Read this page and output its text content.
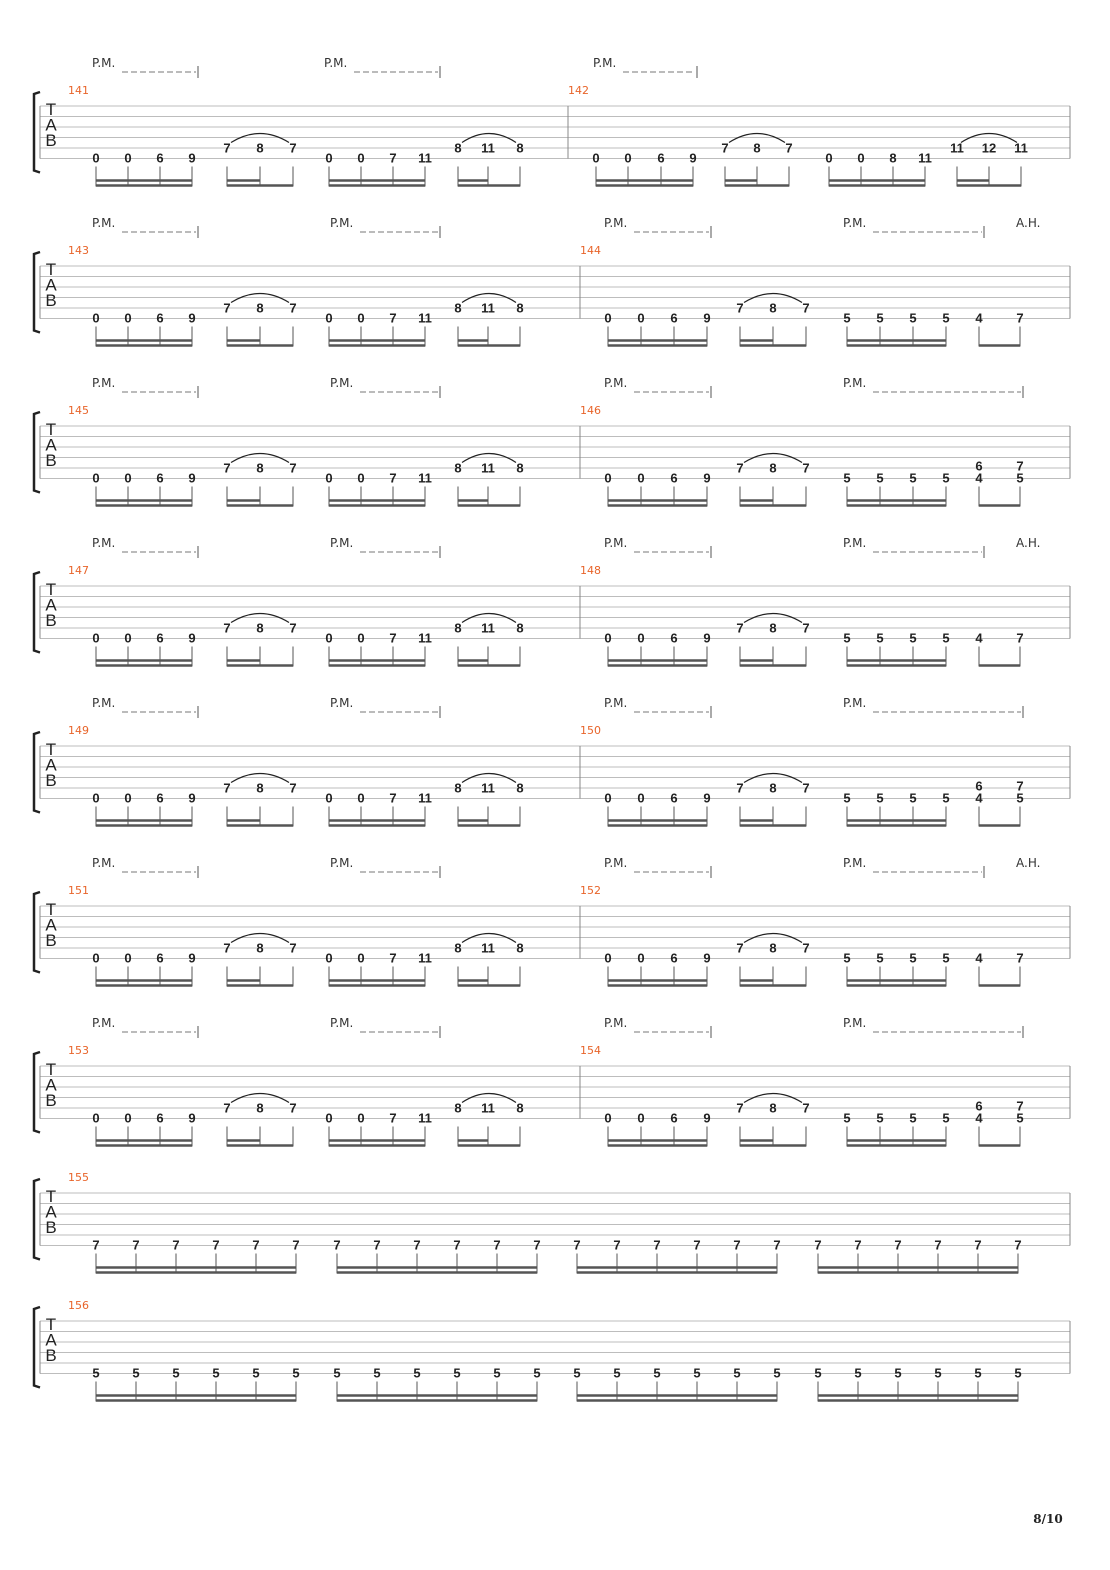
T
A
B
141	142
0 0 6 9
7 8 7
0 0 7 11
8 11 8
0 0 6 9
7 8 7
0 0 8 11
11 12 11
P.M.	P.M.	P.M.
T
A
B
143	144
0 0 6 9
7 8 7
0 0 7 11
8 11 8
0 0 6 9
7 8 7
5 5 5 5 4	7
A.H.
P.M.	P.M.	P.M.	P.M.
T
A
B
145	146
0 0 6 9
7 8 7
0 0 7 11
8 11 8
0 0 6 9
7 8 7
5 5 5 5
6
4
7
5
P.M.	P.M.	P.M.	P.M.
T
A
B
147	148
0 0 6 9
7 8 7
0 0 7 11
8 11 8
0 0 6 9
7 8 7
5 5 5 5 4	7
A.H.
P.M.	P.M.	P.M.	P.M.
T
A
B
149	150
0 0 6 9
7 8 7
0 0 7 11
8 11 8
0 0 6 9
7 8 7
5 5 5 5
6
4
7
5
P.M.	P.M.	P.M.	P.M.
T
A
B
151	152
0 0 6 9
7 8 7
0 0 7 11
8 11 8
0 0 6 9
7 8 7
5 5 5 5 4	7
A.H.
P.M.	P.M.	P.M.	P.M.
T
A
B
153	154
0 0 6 9
7 8 7
0 0 7 11
8 11 8
0 0 6 9
7 8 7
5 5 5 5
6
4
7
5
P.M.	P.M.	P.M.	P.M.
T
A
B
155
7	7	7	7	7	7	7	7	7	7	7	7	7	7	7	7	7	7	7	7	7	7	7	7
T
A
B
156
5	5	5	5	5	5	5	5	5	5	5	5	5	5	5	5	5	5	5	5	5	5	5	5
8/10
